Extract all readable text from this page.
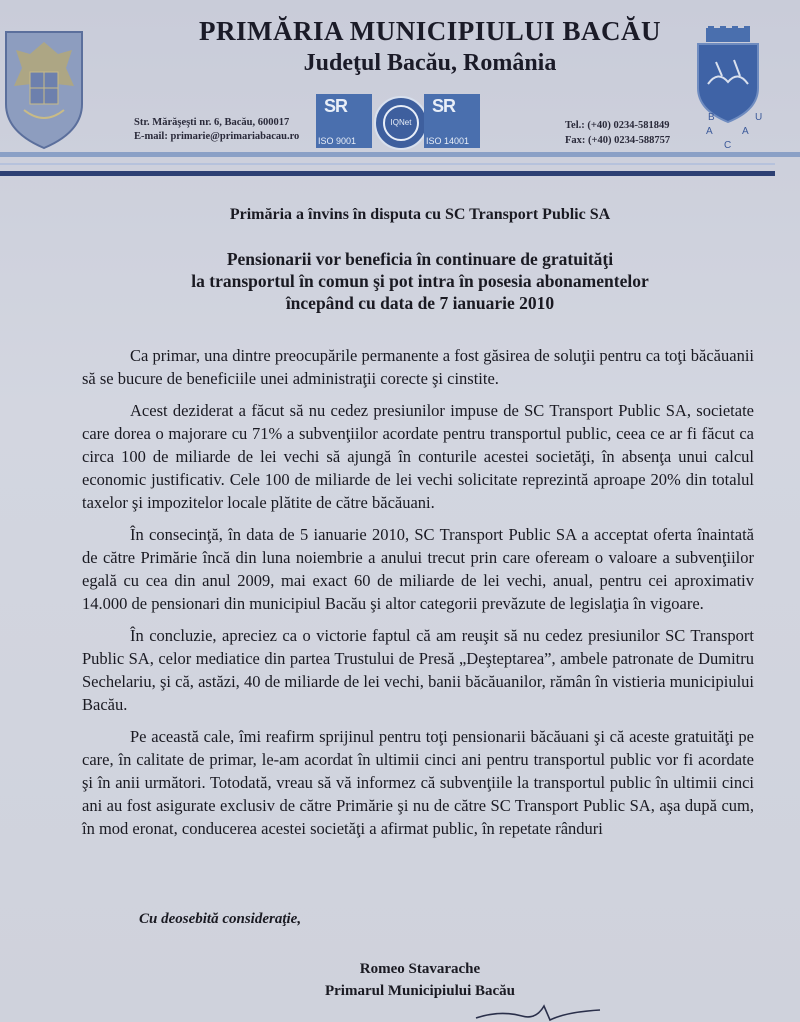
PRIMĂRIA MUNICIPIULUI BACĂU
Judeţul Bacău, România
Str. Mărăşeşti nr. 6, Bacău, 600017
E-mail: primarie@primariabacau.ro
SR
ISO 9001
IQNet
SR
ISO 14001
Tel.: (+40) 0234-581849
Fax: (+40) 0234-588757
B
A
C
A
U
Primăria a învins în disputa cu SC Transport Public SA
Pensionarii vor beneficia în continuare de gratuităţi
la transportul în comun şi pot intra în posesia abonamentelor
începând cu data de 7 ianuarie 2010

Ca primar, una dintre preocupările permanente a fost găsirea de soluţii pentru ca toţi băcăuanii să se bucure de beneficiile unei administraţii corecte şi cinstite.

Acest deziderat a făcut să nu cedez presiunilor impuse de SC Transport Public SA, societate care dorea o majorare cu 71% a subvenţiilor acordate pentru transportul public, ceea ce ar fi făcut ca circa 100 de miliarde de lei vechi să ajungă în conturile acestei societăţi, în absenţa unui calcul economic justificativ. Cele 100 de miliarde de lei vechi solicitate reprezintă aproape 20% din totalul taxelor şi impozitelor locale plătite de către băcăuani.

În consecinţă, în data de 5 ianuarie 2010, SC Transport Public SA a acceptat oferta înaintată de către Primărie încă din luna noiembrie a anului trecut prin care ofeream o valoare a subvenţiilor egală cu cea din anul 2009, mai exact 60 de miliarde de lei vechi, anual, pentru cei aproximativ 14.000 de pensionari din municipiul Bacău şi altor categorii prevăzute de legislaţia în vigoare.

În concluzie, apreciez ca o victorie faptul că am reuşit să nu cedez presiunilor SC Transport Public SA, celor mediatice din partea Trustului de Presă „Deşteptarea”, ambele patronate de Dumitru Sechelariu, şi că, astăzi, 40 de miliarde de lei vechi, banii băcăuanilor, rămân în vistieria municipiului Bacău.

Pe această cale, îmi reafirm sprijinul pentru toţi pensionarii băcăuani şi că aceste gratuităţi pe care, în calitate de primar, le-am acordat în ultimii cinci ani pentru transportul public vor fi acordate şi în anii următori. Totodată, vreau să vă informez că subvenţiile la transportul public în ultimii cinci ani au fost asigurate exclusiv de către Primărie şi nu de către SC Transport Public SA, aşa după cum, în mod eronat, conducerea acestei societăţi a afirmat public, în repetate rânduri

Cu deosebită consideraţie,
Romeo Stavarache
Primarul Municipiului Bacău
